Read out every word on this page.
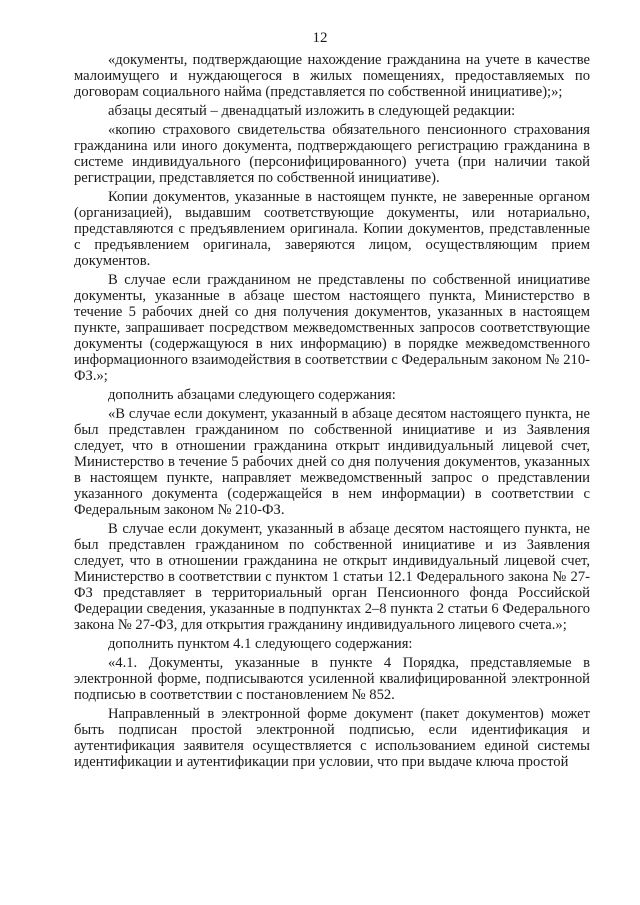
12

«документы, подтверждающие нахождение гражданина на учете в качестве малоимущего и нуждающегося в жилых помещениях, предоставляемых по договорам социального найма (представляется по собственной инициативе);»;

абзацы десятый – двенадцатый изложить в следующей редакции:

«копию страхового свидетельства обязательного пенсионного страхования гражданина или иного документа, подтверждающего регистрацию гражданина в системе индивидуального (персонифицированного) учета (при наличии такой регистрации, представляется по собственной инициативе).

Копии документов, указанные в настоящем пункте, не заверенные органом (организацией), выдавшим соответствующие документы, или нотариально, представляются с предъявлением оригинала. Копии документов, представленные с предъявлением оригинала, заверяются лицом, осуществляющим прием документов.

В случае если гражданином не представлены по собственной инициативе документы, указанные в абзаце шестом настоящего пункта, Министерство в течение 5 рабочих дней со дня получения документов, указанных в настоящем пункте, запрашивает посредством межведомственных запросов соответствующие документы (содержащуюся в них информацию) в порядке межведомственного информационного взаимодействия в соответствии с Федеральным законом № 210-ФЗ.»;

дополнить абзацами следующего содержания:

«В случае если документ, указанный в абзаце десятом настоящего пункта, не был представлен гражданином по собственной инициативе и из Заявления следует, что в отношении гражданина открыт индивидуальный лицевой счет, Министерство в течение 5 рабочих дней со дня получения документов, указанных в настоящем пункте, направляет межведомственный запрос о представлении указанного документа (содержащейся в нем информации) в соответствии с Федеральным законом № 210-ФЗ.

В случае если документ, указанный в абзаце десятом настоящего пункта, не был представлен гражданином по собственной инициативе и из Заявления следует, что в отношении гражданина не открыт индивидуальный лицевой счет, Министерство в соответствии с пунктом 1 статьи 12.1 Федерального закона № 27-ФЗ представляет в территориальный орган Пенсионного фонда Российской Федерации сведения, указанные в подпунктах 2–8 пункта 2 статьи 6 Федерального закона № 27-ФЗ, для открытия гражданину индивидуального лицевого счета.»;

дополнить пунктом 4.1 следующего содержания:

«4.1. Документы, указанные в пункте 4 Порядка, представляемые в электронной форме, подписываются усиленной квалифицированной электронной подписью в соответствии с постановлением № 852.

Направленный в электронной форме документ (пакет документов) может быть подписан простой электронной подписью, если идентификация и аутентификация заявителя осуществляется с использованием единой системы идентификации и аутентификации при условии, что при выдаче ключа простой
